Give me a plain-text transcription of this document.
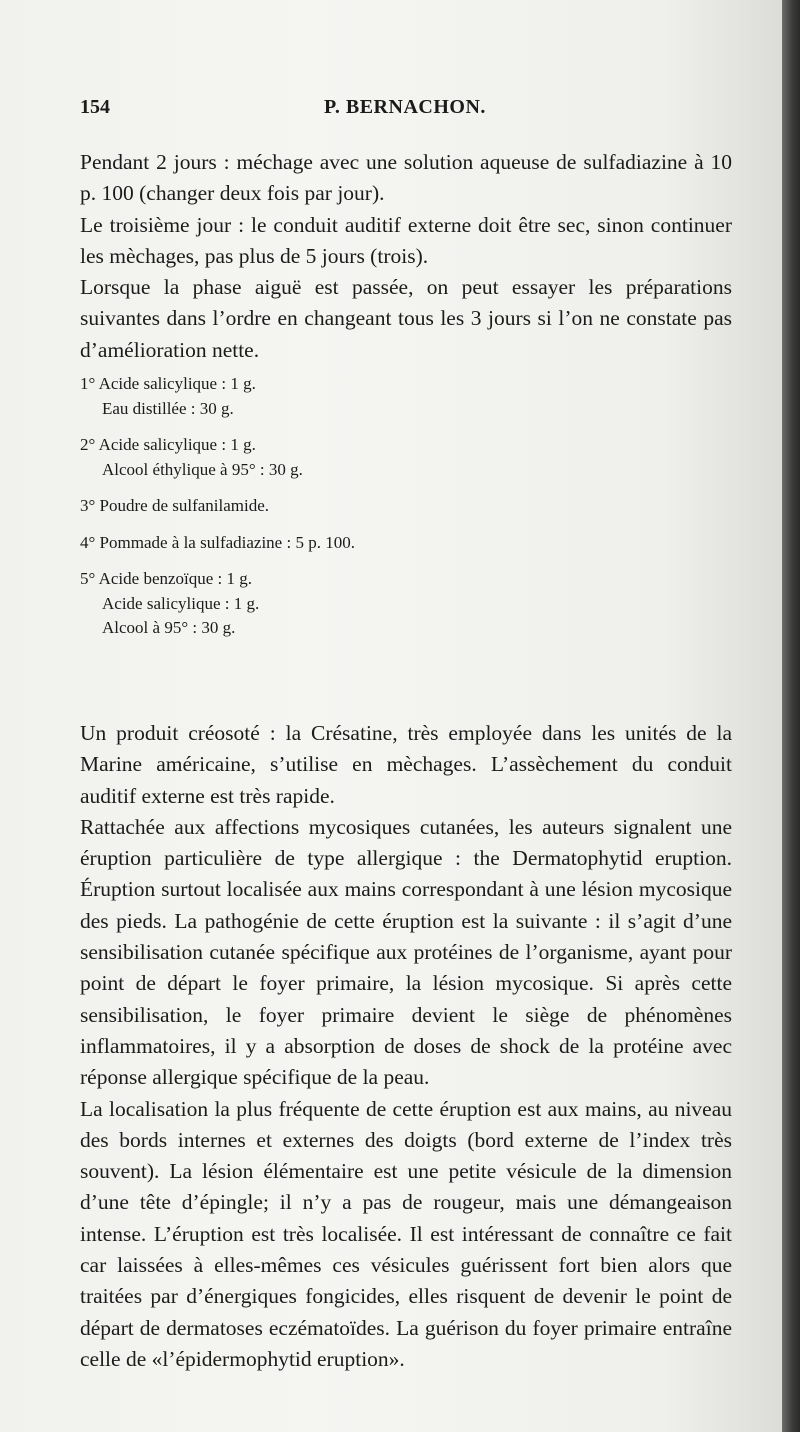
154	P. BERNACHON.

Pendant 2 jours : méchage avec une solution aqueuse de sulfadiazine à 10 p. 100 (changer deux fois par jour).

Le troisième jour : le conduit auditif externe doit être sec, sinon continuer les mèchages, pas plus de 5 jours (trois).

Lorsque la phase aiguë est passée, on peut essayer les préparations suivantes dans l’ordre en changeant tous les 3 jours si l’on ne constate pas d’amélioration nette.

1° Acide salicylique : 1 g.
Eau distillée : 30 g.
2° Acide salicylique : 1 g.
Alcool éthylique à 95° : 30 g.
3° Poudre de sulfanilamide.
4° Pommade à la sulfadiazine : 5 p. 100.
5° Acide benzoïque : 1 g.
Acide salicylique : 1 g.
Alcool à 95° : 30 g.

Un produit créosoté : la Crésatine, très employée dans les unités de la Marine américaine, s’utilise en mèchages. L’assèchement du conduit auditif externe est très rapide.

Rattachée aux affections mycosiques cutanées, les auteurs signalent une éruption particulière de type allergique : the Dermatophytid eruption. Éruption surtout localisée aux mains correspondant à une lésion mycosique des pieds. La pathogénie de cette éruption est la suivante : il s’agit d’une sensibilisation cutanée spécifique aux protéines de l’organisme, ayant pour point de départ le foyer primaire, la lésion mycosique. Si après cette sensibilisation, le foyer primaire devient le siège de phénomènes inflammatoires, il y a absorption de doses de shock de la protéine avec réponse allergique spécifique de la peau.

La localisation la plus fréquente de cette éruption est aux mains, au niveau des bords internes et externes des doigts (bord externe de l’index très souvent). La lésion élémentaire est une petite vésicule de la dimension d’une tête d’épingle; il n’y a pas de rougeur, mais une démangeaison intense. L’éruption est très localisée. Il est intéressant de connaître ce fait car laissées à elles-mêmes ces vésicules guérissent fort bien alors que traitées par d’énergiques fongicides, elles risquent de devenir le point de départ de dermatoses eczématoïdes. La guérison du foyer primaire entraîne celle de «l’épidermophytid eruption».
